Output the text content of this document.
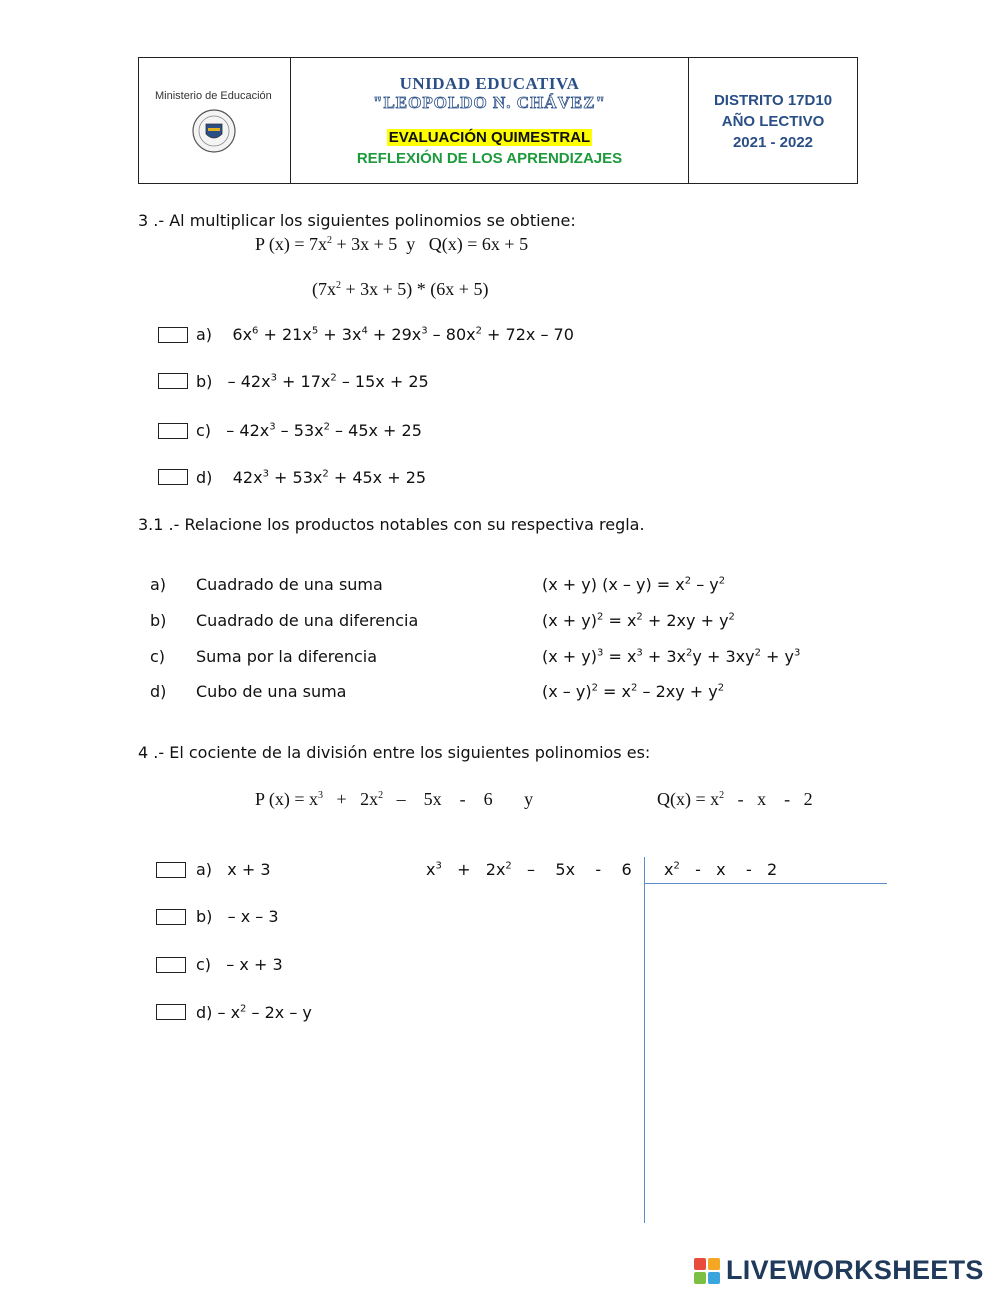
Ministerio de Educación
UNIDAD EDUCATIVA
"LEOPOLDO N. CHÁVEZ"
EVALUACIÓN QUIMESTRAL
REFLEXIÓN DE LOS APRENDIZAJES
DISTRITO 17D10
AÑO LECTIVO
2021 - 2022
3 .- Al multiplicar los siguientes polinomios se obtiene:
P $(x) = 7x^2 + 3x + 5$  y   Q(x) = 6x + 5
$(7x^2 + 3x + 5) * (6x + 5)$
a)    $6x^6 + 21x^5 + 3x^4 + 29x^3 - 80x^2 + 72x - 70$
$b) - 42x^3 + 17x^2 - 15x + 25$
$c) - 42x^3 - 53x^2 - 45x + 25$
d)    $42x^3 + 53x^2 + 45x + 25$
3.1 .- Relacione los productos notables con su respectiva regla.
a) Cuadrado de una suma	(x + y) $(x - y) = x^2 - y^2$
b) Cuadrado de una diferencia	$(x + y)^2 = x^2 + 2xy + y^2$
c) Suma por la diferencia	$(x + y)^3 = x^3 + 3x^2y + 3xy^2 + y^3$
d) Cubo de una suma	$(x - y)^2 = x^2 - 2xy + y^2$
4 .- El cociente de la división entre los siguientes polinomios es:
P $(x) = x^3 + 2x^2$   –    5x    -    6       y	$Q(x) = x^2 - x$    -   2
a)   x + 3
b)   – x – 3
c)   – x + 3
$d) - x^2 - 2x$ – y
$x^3 + 2x^2$   –    5x    -    6 $x^2$   -   x    -   2
LIVEWORKSHEETS
